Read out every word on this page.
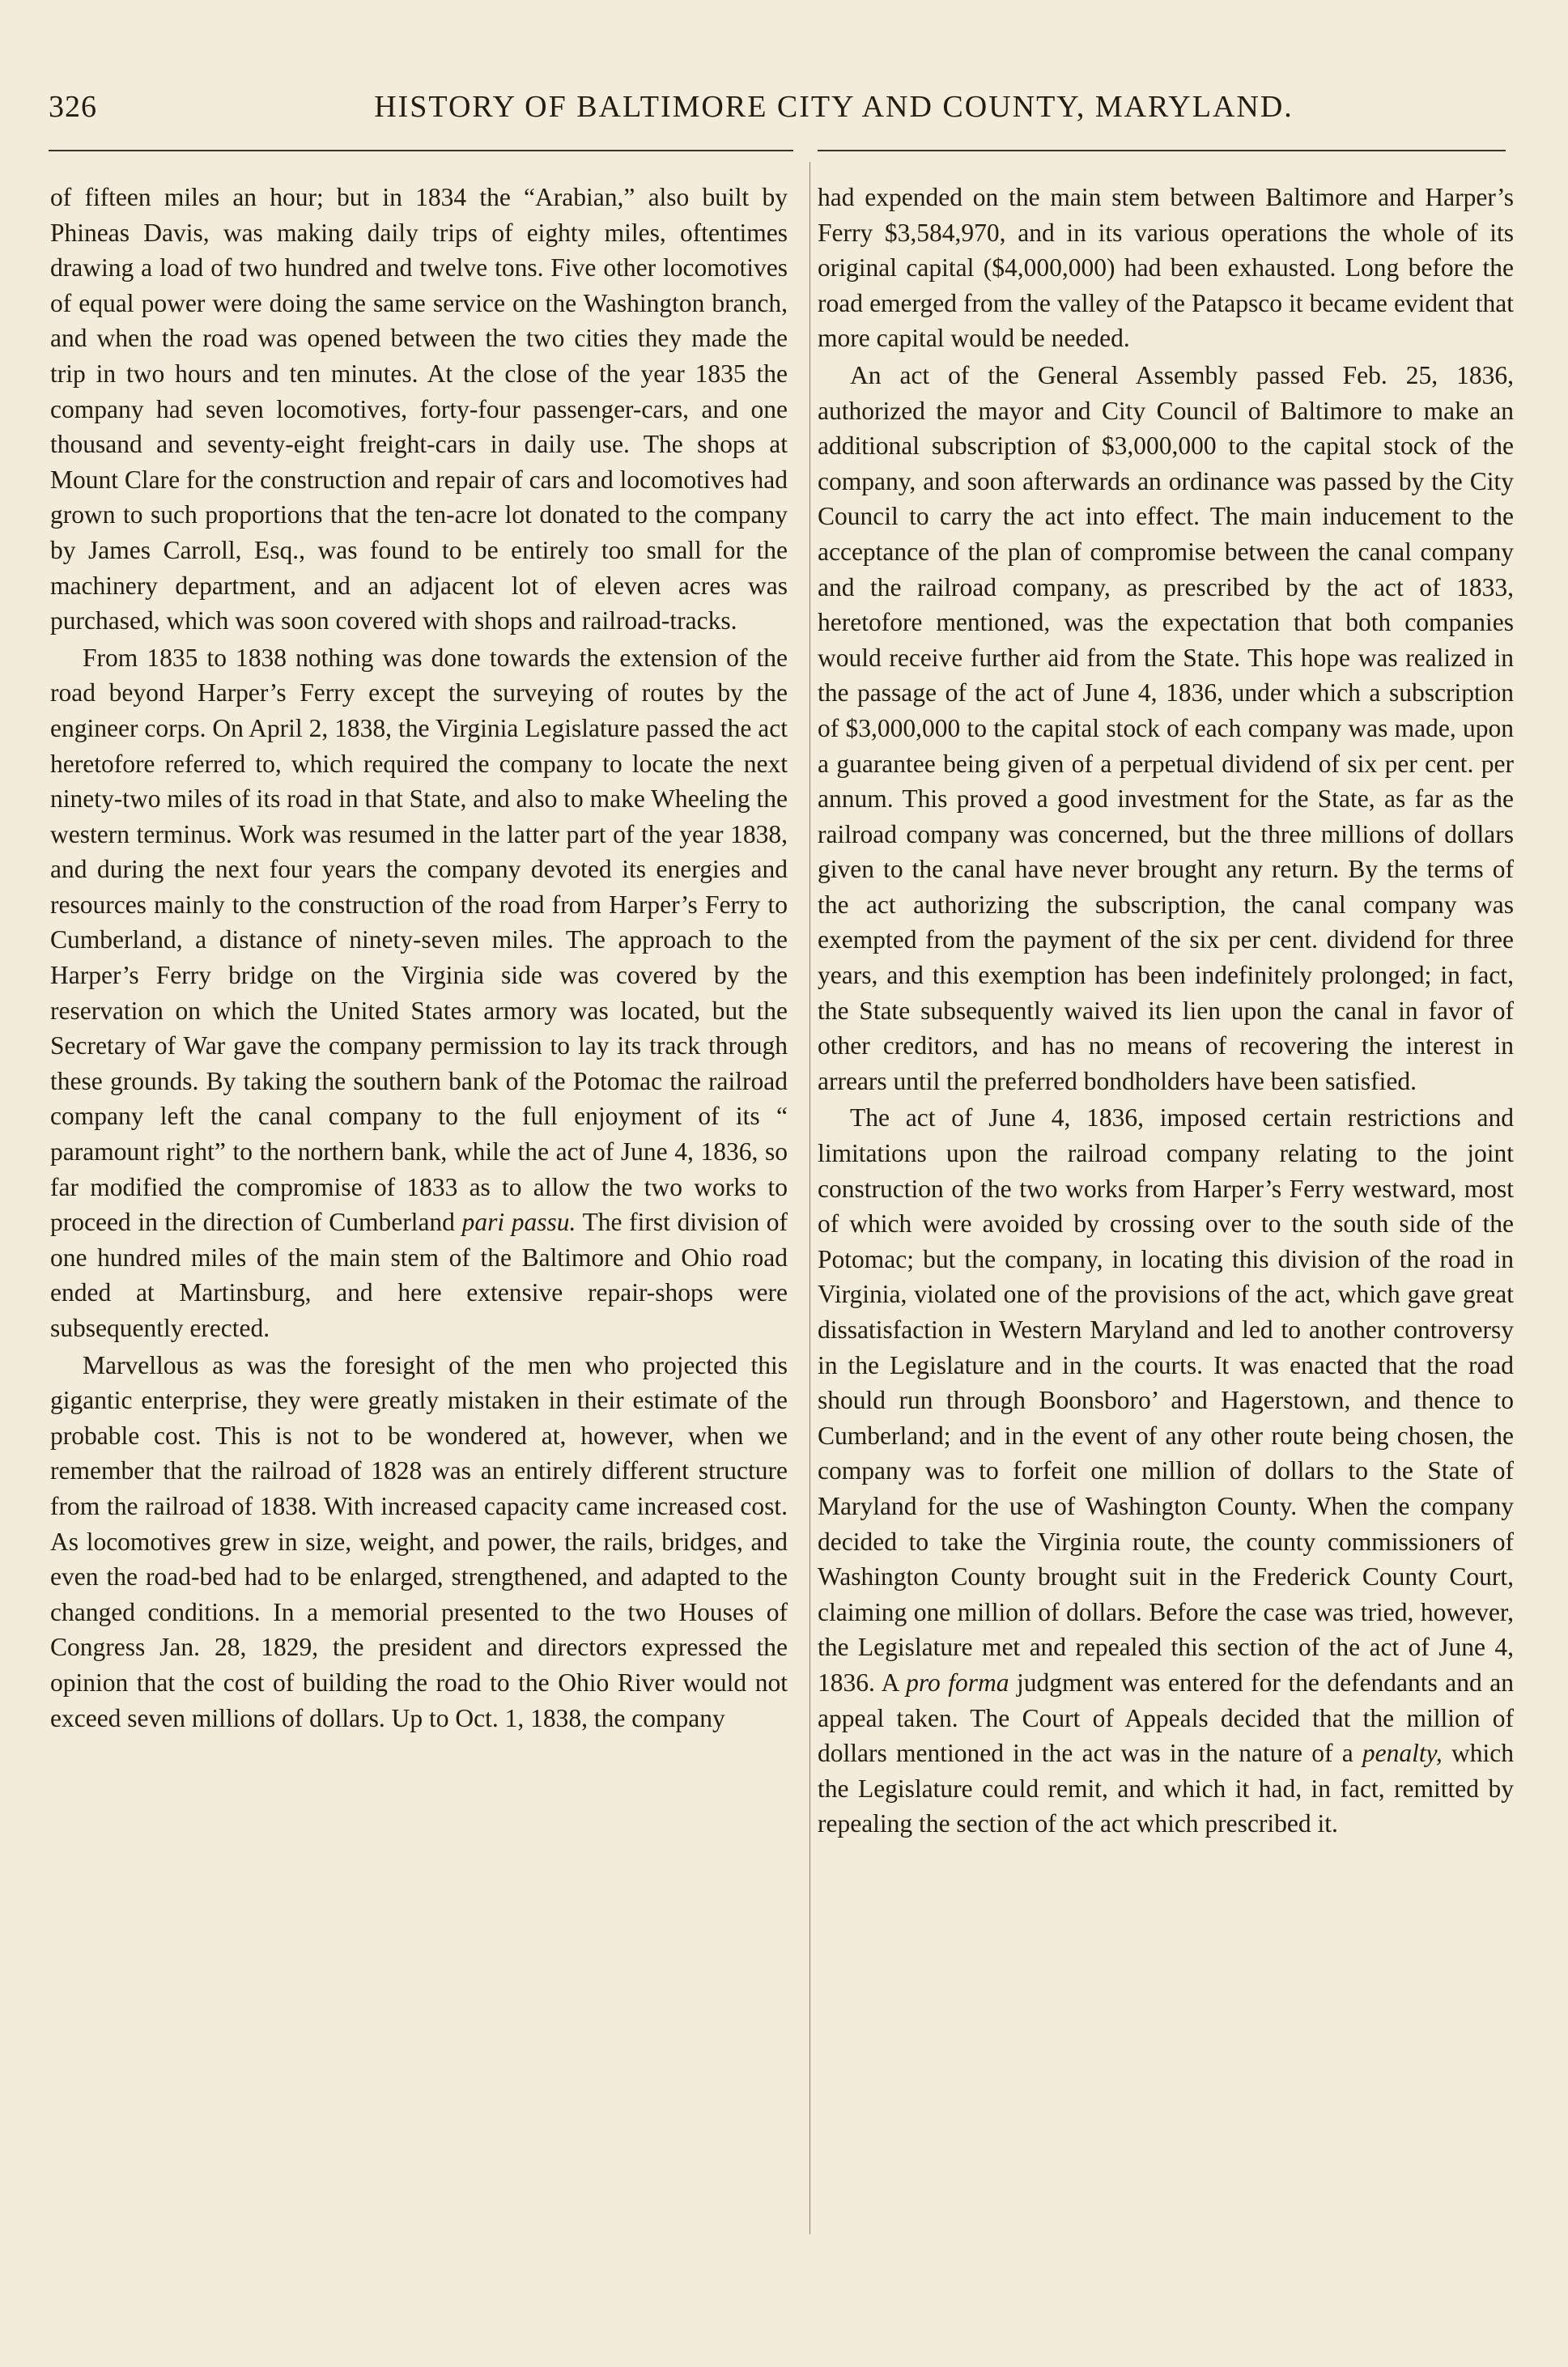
326	HISTORY OF BALTIMORE CITY AND COUNTY, MARYLAND.

of fifteen miles an hour; but in 1834 the “Arabian,” also built by Phineas Davis, was making daily trips of eighty miles, oftentimes drawing a load of two hundred and twelve tons. Five other locomotives of equal power were doing the same service on the Washington branch, and when the road was opened between the two cities they made the trip in two hours and ten minutes. At the close of the year 1835 the company had seven locomotives, forty-four passenger-cars, and one thousand and seventy-eight freight-cars in daily use. The shops at Mount Clare for the construction and repair of cars and locomotives had grown to such proportions that the ten-acre lot donated to the company by James Carroll, Esq., was found to be entirely too small for the machinery department, and an adjacent lot of eleven acres was purchased, which was soon covered with shops and railroad-tracks.

From 1835 to 1838 nothing was done towards the extension of the road beyond Harper’s Ferry except the surveying of routes by the engineer corps. On April 2, 1838, the Virginia Legislature passed the act heretofore referred to, which required the company to locate the next ninety-two miles of its road in that State, and also to make Wheeling the western terminus. Work was resumed in the latter part of the year 1838, and during the next four years the company devoted its energies and resources mainly to the construction of the road from Harper’s Ferry to Cumberland, a distance of ninety-seven miles. The approach to the Harper’s Ferry bridge on the Virginia side was covered by the reservation on which the United States armory was located, but the Secretary of War gave the company permission to lay its track through these grounds. By taking the southern bank of the Potomac the railroad company left the canal company to the full enjoyment of its “ paramount right” to the northern bank, while the act of June 4, 1836, so far modified the compromise of 1833 as to allow the two works to proceed in the direction of Cumberland pari passu. The first division of one hundred miles of the main stem of the Baltimore and Ohio road ended at Martinsburg, and here extensive repair-shops were subsequently erected.

Marvellous as was the foresight of the men who projected this gigantic enterprise, they were greatly mistaken in their estimate of the probable cost. This is not to be wondered at, however, when we remember that the railroad of 1828 was an entirely different structure from the railroad of 1838. With increased capacity came increased cost. As locomotives grew in size, weight, and power, the rails, bridges, and even the road-bed had to be enlarged, strengthened, and adapted to the changed conditions. In a memorial presented to the two Houses of Congress Jan. 28, 1829, the president and directors expressed the opinion that the cost of building the road to the Ohio River would not exceed seven millions of dollars. Up to Oct. 1, 1838, the company

had expended on the main stem between Baltimore and Harper’s Ferry $3,584,970, and in its various operations the whole of its original capital ($4,000,000) had been exhausted. Long before the road emerged from the valley of the Patapsco it became evident that more capital would be needed.

An act of the General Assembly passed Feb. 25, 1836, authorized the mayor and City Council of Baltimore to make an additional subscription of $3,000,000 to the capital stock of the company, and soon afterwards an ordinance was passed by the City Council to carry the act into effect. The main inducement to the acceptance of the plan of compromise between the canal company and the railroad company, as prescribed by the act of 1833, heretofore mentioned, was the expectation that both companies would receive further aid from the State. This hope was realized in the passage of the act of June 4, 1836, under which a subscription of $3,000,000 to the capital stock of each company was made, upon a guarantee being given of a perpetual dividend of six per cent. per annum. This proved a good investment for the State, as far as the railroad company was concerned, but the three millions of dollars given to the canal have never brought any return. By the terms of the act authorizing the subscription, the canal company was exempted from the payment of the six per cent. dividend for three years, and this exemption has been indefinitely prolonged; in fact, the State subsequently waived its lien upon the canal in favor of other creditors, and has no means of recovering the interest in arrears until the preferred bondholders have been satisfied.

The act of June 4, 1836, imposed certain restrictions and limitations upon the railroad company relating to the joint construction of the two works from Harper’s Ferry westward, most of which were avoided by crossing over to the south side of the Potomac; but the company, in locating this division of the road in Virginia, violated one of the provisions of the act, which gave great dissatisfaction in Western Maryland and led to another controversy in the Legislature and in the courts. It was enacted that the road should run through Boonsboro’ and Hagerstown, and thence to Cumberland; and in the event of any other route being chosen, the company was to forfeit one million of dollars to the State of Maryland for the use of Washington County. When the company decided to take the Virginia route, the county commissioners of Washington County brought suit in the Frederick County Court, claiming one million of dollars. Before the case was tried, however, the Legislature met and repealed this section of the act of June 4, 1836. A pro forma judgment was entered for the defendants and an appeal taken. The Court of Appeals decided that the million of dollars mentioned in the act was in the nature of a penalty, which the Legislature could remit, and which it had, in fact, remitted by repealing the section of the act which prescribed it.
